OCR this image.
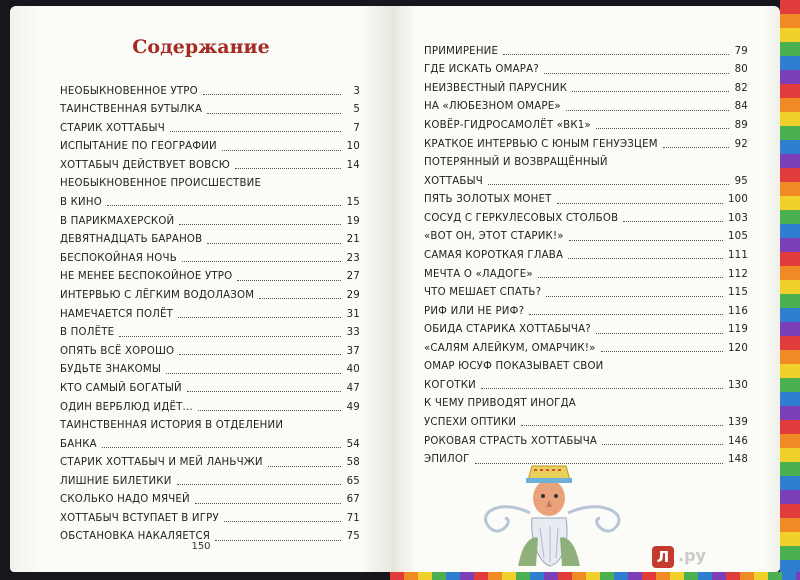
Содержание
НЕОБЫКНОВЕННОЕ УТРО	3
ТАИНСТВЕННАЯ БУТЫЛКА	5
СТАРИК ХОТТАБЫЧ	7
ИСПЫТАНИЕ ПО ГЕОГРАФИИ	10
ХОТТАБЫЧ ДЕЙСТВУЕТ ВОВСЮ	14
НЕОБЫКНОВЕННОЕ ПРОИСШЕСТВИЕ
В КИНО	15
В ПАРИКМАХЕРСКОЙ	19
ДЕВЯТНАДЦАТЬ БАРАНОВ	21
БЕСПОКОЙНАЯ НОЧЬ	23
НЕ МЕНЕЕ БЕСПОКОЙНОЕ УТРО	27
ИНТЕРВЬЮ С ЛЁГКИМ ВОДОЛАЗОМ	29
НАМЕЧАЕТСЯ ПОЛЁТ	31
В ПОЛЁТЕ	33
ОПЯТЬ ВСЁ ХОРОШО	37
БУДЬТЕ ЗНАКОМЫ	40
КТО САМЫЙ БОГАТЫЙ	47
ОДИН ВЕРБЛЮД ИДЁТ...	49
ТАИНСТВЕННАЯ ИСТОРИЯ В ОТДЕЛЕНИИ
БАНКА	54
СТАРИК ХОТТАБЫЧ И МЕЙ ЛАНЬЧЖИ	58
ЛИШНИЕ БИЛЕТИКИ	65
СКОЛЬКО НАДО МЯЧЕЙ	67
ХОТТАБЫЧ ВСТУПАЕТ В ИГРУ	71
ОБСТАНОВКА НАКАЛЯЕТСЯ	75
150
ПРИМИРЕНИЕ	79
ГДЕ ИСКАТЬ ОМАРА?	80
НЕИЗВЕСТНЫЙ ПАРУСНИК	82
НА «ЛЮБЕЗНОМ ОМАРЕ»	84
КОВЁР-ГИДРОСАМОЛЁТ «ВК1»	89
КРАТКОЕ ИНТЕРВЬЮ С ЮНЫМ ГЕНУЭЗЦЕМ	92
ПОТЕРЯННЫЙ И ВОЗВРАЩЁННЫЙ
ХОТТАБЫЧ	95
ПЯТЬ ЗОЛОТЫХ МОНЕТ	100
СОСУД С ГЕРКУЛЕСОВЫХ СТОЛБОВ	103
«ВОТ ОН, ЭТОТ СТАРИК!»	105
САМАЯ КОРОТКАЯ ГЛАВА	111
МЕЧТА О «ЛАДОГЕ»	112
ЧТО МЕШАЕТ СПАТЬ?	115
РИФ ИЛИ НЕ РИФ?	116
ОБИДА СТАРИКА ХОТТАБЫЧА?	119
«САЛЯМ АЛЕЙКУМ, ОМАРЧИК!»	120
ОМАР ЮСУФ ПОКАЗЫВАЕТ СВОИ
КОГОТКИ	130
К ЧЕМУ ПРИВОДЯТ ИНОГДА
УСПЕХИ ОПТИКИ	139
РОКОВАЯ СТРАСТЬ ХОТТАБЫЧА	146
ЭПИЛОГ	148
Л .ру
